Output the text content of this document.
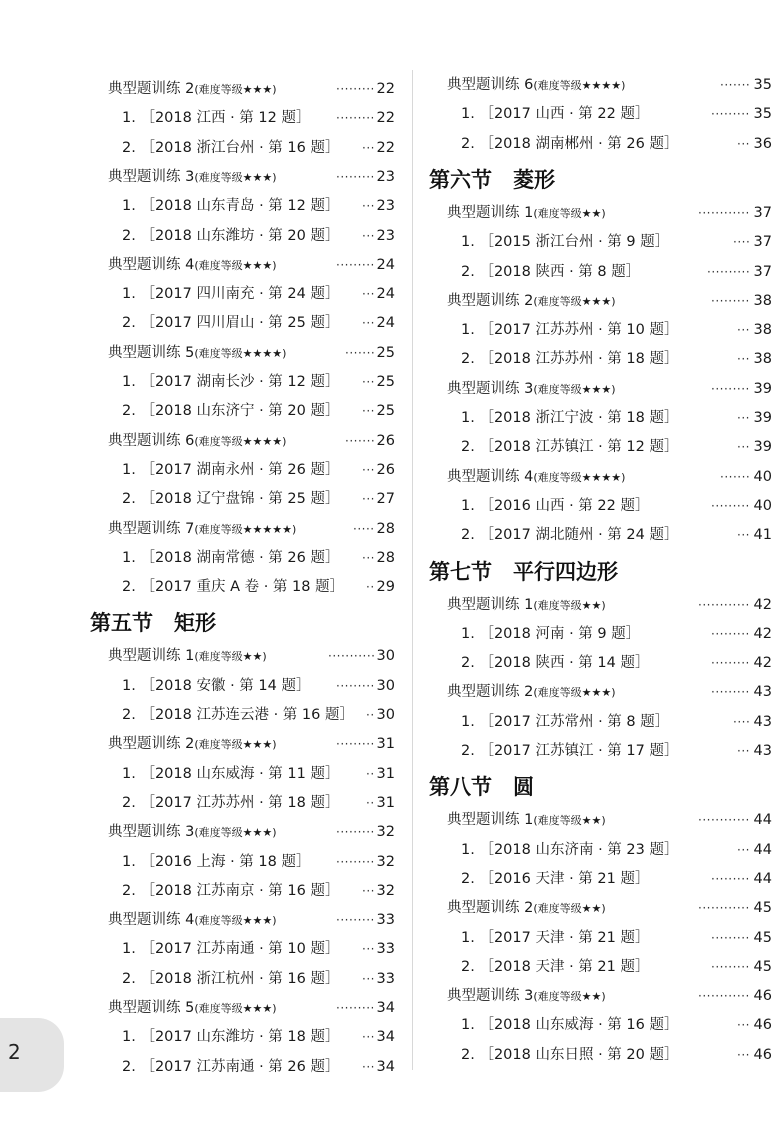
典型题训练 2(难度等级★★★)	········· 22
1. ［2018 江西 · 第 12 题］ ········· 22
2. ［2018 浙江台州 · 第 16 题］ ··· 22
典型题训练 3(难度等级★★★)	········· 23
1. ［2018 山东青岛 · 第 12 题］ ··· 23
2. ［2018 山东潍坊 · 第 20 题］ ··· 23
典型题训练 4(难度等级★★★)	········· 24
1. ［2017 四川南充 · 第 24 题］ ··· 24
2. ［2017 四川眉山 · 第 25 题］ ··· 24
典型题训练 5(难度等级★★★★)	······· 25
1. ［2017 湖南长沙 · 第 12 题］ ··· 25
2. ［2018 山东济宁 · 第 20 题］ ··· 25
典型题训练 6(难度等级★★★★)	······· 26
1. ［2017 湖南永州 · 第 26 题］ ··· 26
2. ［2018 辽宁盘锦 · 第 25 题］ ··· 27
典型题训练 7(难度等级★★★★★)	····· 28
1. ［2018 湖南常德 · 第 26 题］ ··· 28
2. ［2017 重庆 A 卷 · 第 18 题］ ·· 29
第五节　矩形
典型题训练 1(难度等级★★)	··········· 30
1. ［2018 安徽 · 第 14 题］ ········· 30
2. ［2018 江苏连云港 · 第 16 题］ ·· 30
典型题训练 2(难度等级★★★)	········· 31
1. ［2018 山东威海 · 第 11 题］ ·· 31
2. ［2017 江苏苏州 · 第 18 题］ ·· 31
典型题训练 3(难度等级★★★)	········· 32
1. ［2016 上海 · 第 18 题］ ········· 32
2. ［2018 江苏南京 · 第 16 题］ ··· 32
典型题训练 4(难度等级★★★)	········· 33
1. ［2017 江苏南通 · 第 10 题］ ··· 33
2. ［2018 浙江杭州 · 第 16 题］ ··· 33
典型题训练 5(难度等级★★★)	········· 34
1. ［2017 山东潍坊 · 第 18 题］ ··· 34
2. ［2017 江苏南通 · 第 26 题］ ··· 34
典型题训练 6(难度等级★★★★)	······· 35
1. ［2017 山西 · 第 22 题］	········· 35
2. ［2018 湖南郴州 · 第 26 题］	··· 36
第六节　菱形
典型题训练 1(难度等级★★)	············ 37
1. ［2015 浙江台州 · 第 9 题］	···· 37
2. ［2018 陕西 · 第 8 题］	·········· 37
典型题训练 2(难度等级★★★)	········· 38
1. ［2017 江苏苏州 · 第 10 题］	··· 38
2. ［2018 江苏苏州 · 第 18 题］	··· 38
典型题训练 3(难度等级★★★)	········· 39
1. ［2018 浙江宁波 · 第 18 题］	··· 39
2. ［2018 江苏镇江 · 第 12 题］	··· 39
典型题训练 4(难度等级★★★★)	······· 40
1. ［2016 山西 · 第 22 题］	········· 40
2. ［2017 湖北随州 · 第 24 题］	··· 41
第七节　平行四边形
典型题训练 1(难度等级★★)	············ 42
1. ［2018 河南 · 第 9 题］	········· 42
2. ［2018 陕西 · 第 14 题］	········· 42
典型题训练 2(难度等级★★★)	········· 43
1. ［2017 江苏常州 · 第 8 题］	···· 43
2. ［2017 江苏镇江 · 第 17 题］	··· 43
第八节　圆
典型题训练 1(难度等级★★)	············ 44
1. ［2018 山东济南 · 第 23 题］	··· 44
2. ［2016 天津 · 第 21 题］	········· 44
典型题训练 2(难度等级★★)	············ 45
1. ［2017 天津 · 第 21 题］	········· 45
2. ［2018 天津 · 第 21 题］	········· 45
典型题训练 3(难度等级★★)	············ 46
1. ［2018 山东威海 · 第 16 题］	··· 46
2. ［2018 山东日照 · 第 20 题］	··· 46
2
